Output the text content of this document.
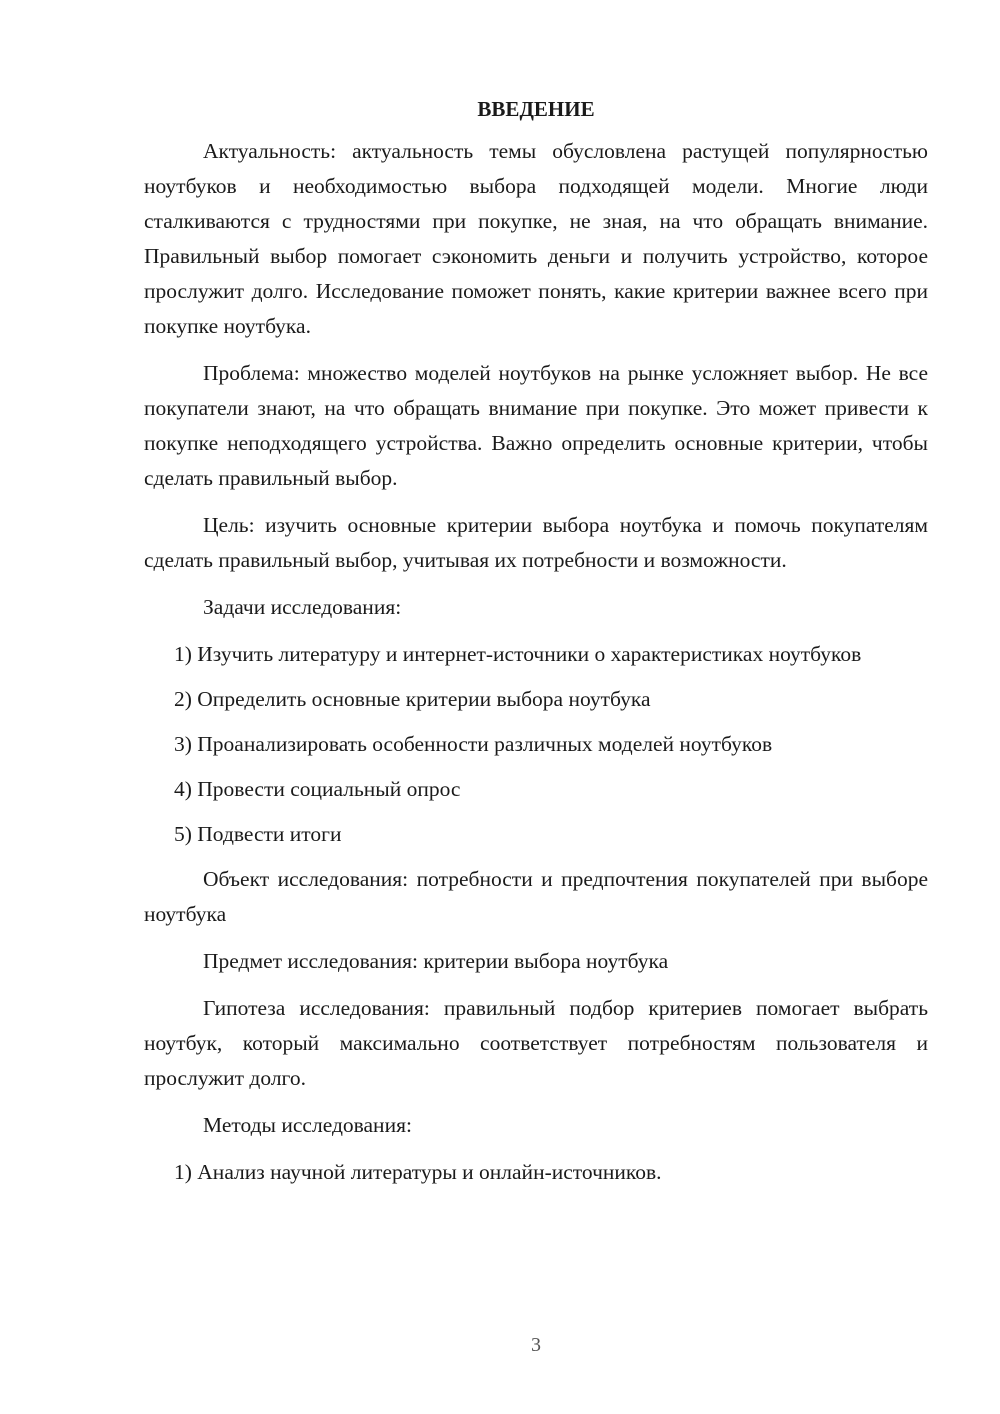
ВВЕДЕНИЕ

Актуальность: актуальность темы обусловлена растущей популярностью ноутбуков и необходимостью выбора подходящей модели. Многие люди сталкиваются с трудностями при покупке, не зная, на что обращать внимание. Правильный выбор помогает сэкономить деньги и получить устройство, которое прослужит долго. Исследование поможет понять, какие критерии важнее всего при покупке ноутбука.

Проблема: множество моделей ноутбуков на рынке усложняет выбор. Не все покупатели знают, на что обращать внимание при покупке. Это может привести к покупке неподходящего устройства. Важно определить основные критерии, чтобы сделать правильный выбор.

Цель: изучить основные критерии выбора ноутбука и помочь покупателям сделать правильный выбор, учитывая их потребности и возможности.

Задачи исследования:

1) Изучить литературу и интернет-источники о характеристиках ноутбуков

2) Определить основные критерии выбора ноутбука

3) Проанализировать особенности различных моделей ноутбуков

4) Провести социальный опрос

5) Подвести итоги

Объект исследования: потребности и предпочтения покупателей при выборе ноутбука

Предмет исследования: критерии выбора ноутбука

Гипотеза исследования: правильный подбор критериев помогает выбрать ноутбук, который максимально соответствует потребностям пользователя и прослужит долго.

Методы исследования:

1) Анализ научной литературы и онлайн-источников.

3
